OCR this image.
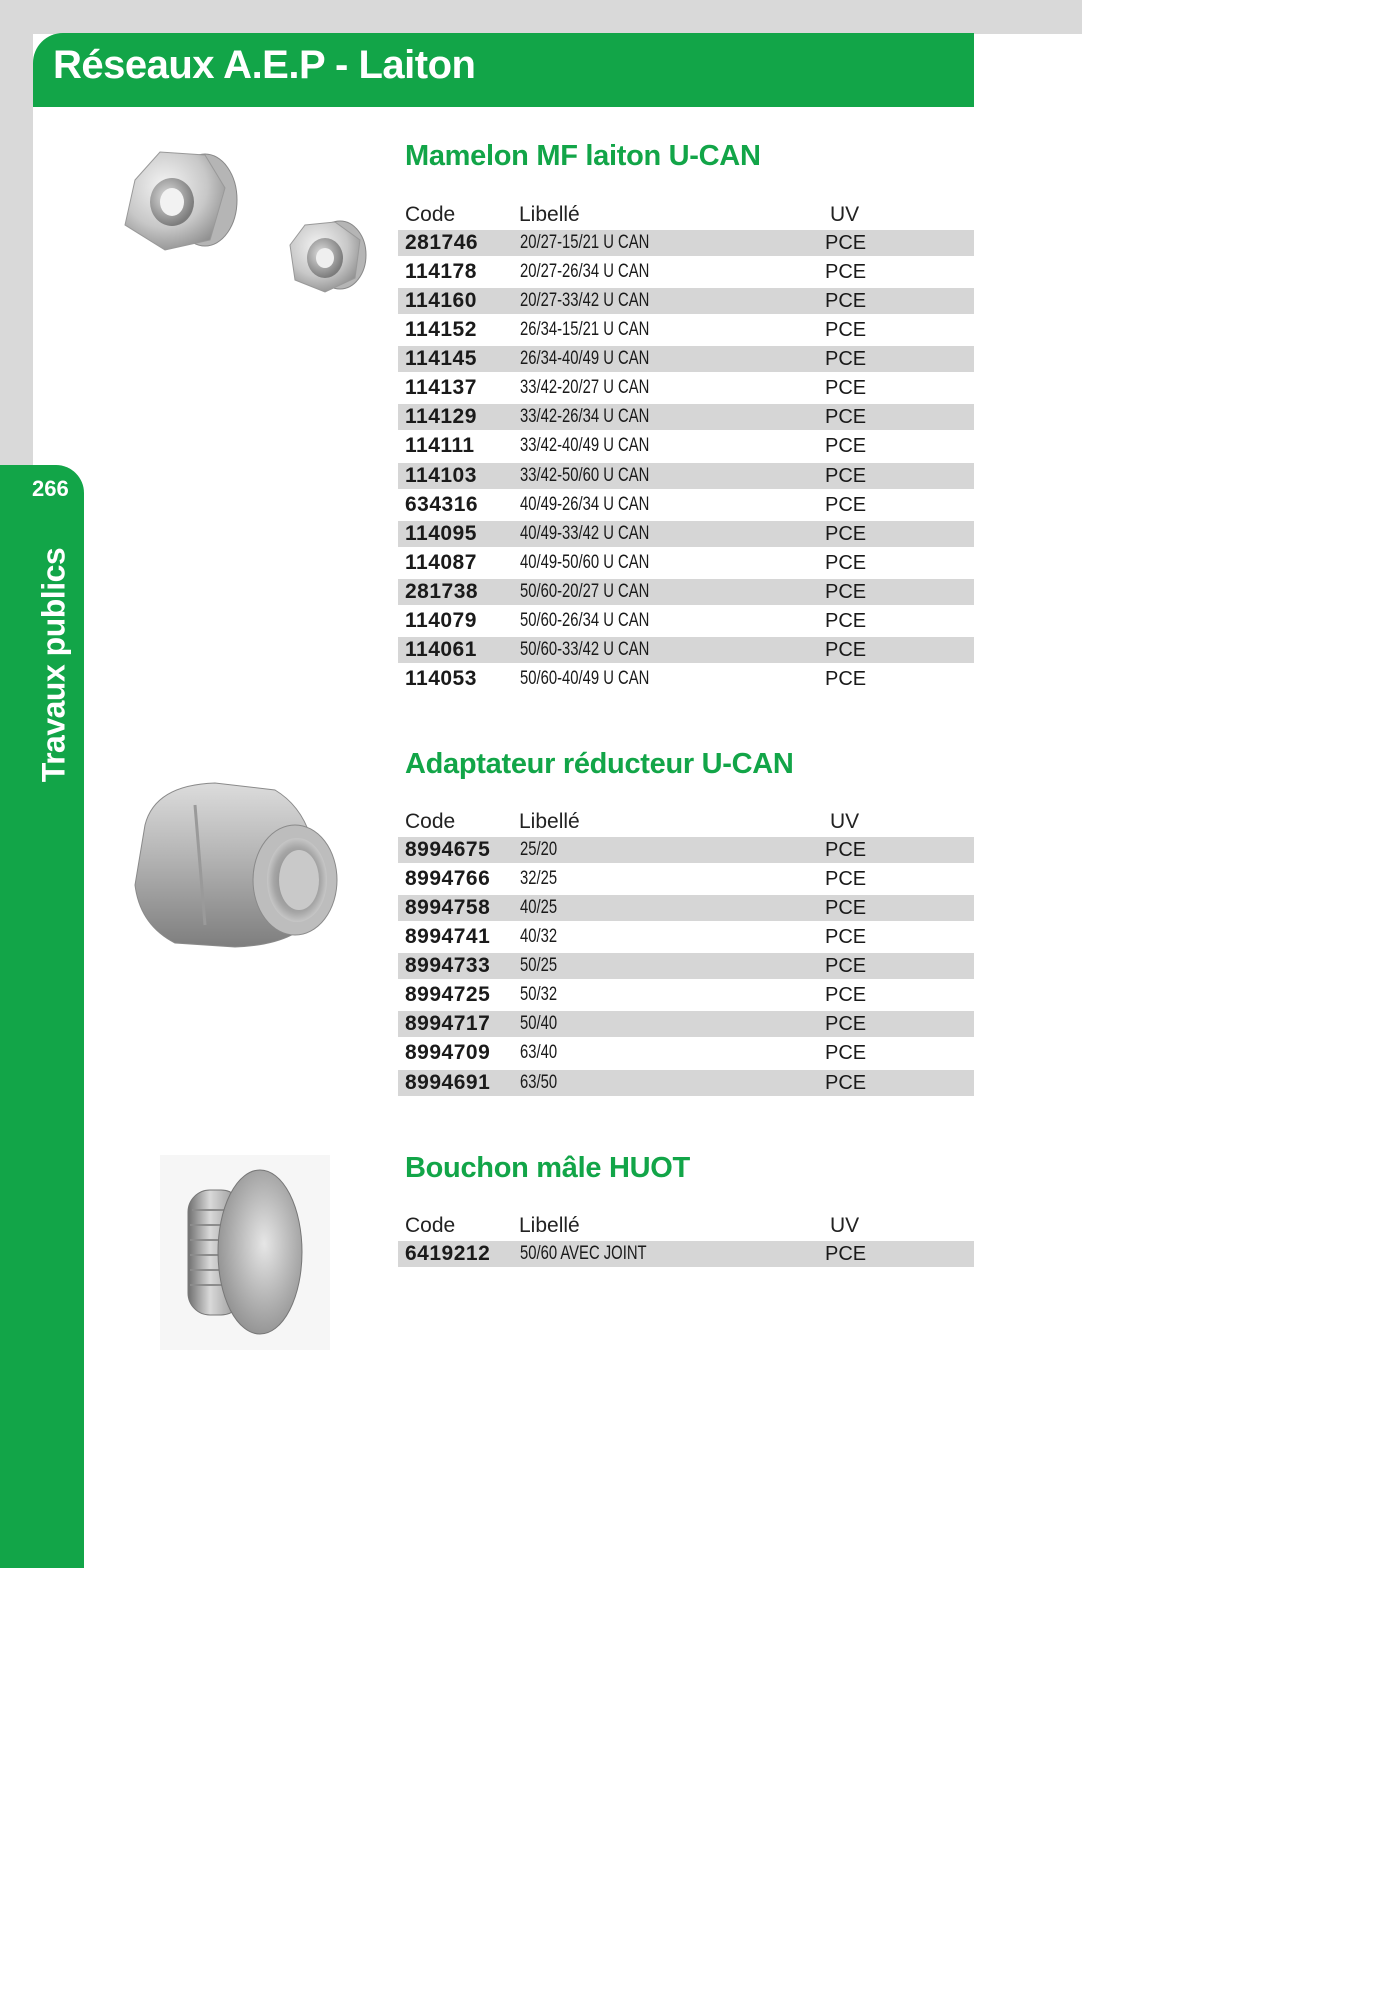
Réseaux A.E.P - Laiton
266
Travaux publics
Mamelon MF laiton U-CAN
Code	Libellé	UV
281746 20/27-15/21 U CAN	PCE
114178 20/27-26/34 U CAN	PCE
114160 20/27-33/42 U CAN	PCE
114152 26/34-15/21 U CAN	PCE
114145 26/34-40/49 U CAN	PCE
114137 33/42-20/27 U CAN	PCE
114129 33/42-26/34 U CAN	PCE
114111 33/42-40/49 U CAN	PCE
114103 33/42-50/60 U CAN	PCE
634316 40/49-26/34 U CAN	PCE
114095 40/49-33/42 U CAN	PCE
114087 40/49-50/60 U CAN	PCE
281738 50/60-20/27 U CAN	PCE
114079 50/60-26/34 U CAN	PCE
114061 50/60-33/42 U CAN	PCE
114053 50/60-40/49 U CAN	PCE
Adaptateur réducteur U-CAN
Code	Libellé	UV
8994675 25/20	PCE
8994766 32/25	PCE
8994758 40/25	PCE
8994741 40/32	PCE
8994733 50/25	PCE
8994725 50/32	PCE
8994717 50/40	PCE
8994709 63/40	PCE
8994691 63/50	PCE
Bouchon mâle HUOT
Code	Libellé	UV
6419212 50/60 AVEC JOINT	PCE
